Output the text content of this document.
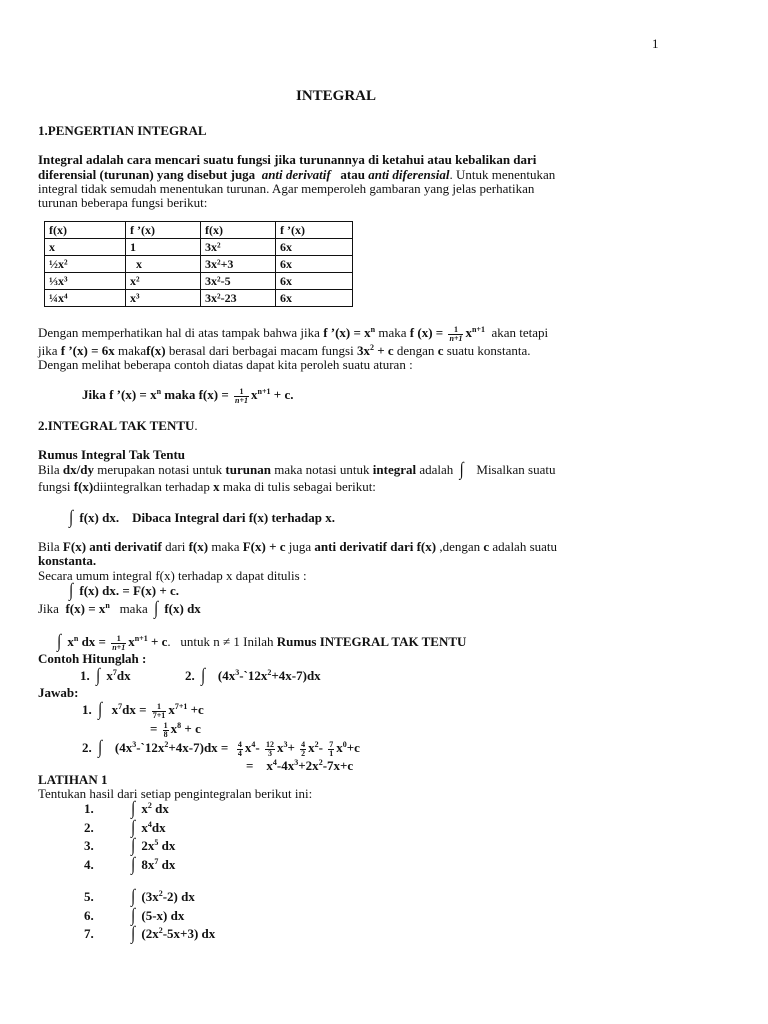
1
INTEGRAL
1.PENGERTIAN INTEGRAL
Integral adalah cara mencari suatu fungsi jika turunannya di ketahui atau kebalikan dari
diferensial (turunan) yang disebut juga anti derivatif atau anti diferensial. Untuk menentukan
integral tidak semudah menentukan turunan. Agar memperoleh gambaran yang jelas perhatikan
turunan beberapa fungsi berikut:
f(x)	f ’(x)	f(x)	f ’(x)
x	1	3x²	6x
½x²	x	3x²+3	6x
⅓x³	x²	3x²-5	6x
¼x⁴	x³	3x²-23	6x
Dengan memperhatikan hal di atas tampak bahwa jika f ’(x) = $x^n$ maka f $(x) = \frac{1}{n+1} x^{n+1}$ akan tetapi
jika f ’(x) = 6x makaf(x) berasal dari berbagai macam fungsi $3x^2 + c$ dengan c suatu konstanta.
Dengan melihat beberapa contoh diatas dapat kita peroleh suatu aturan :
Jika f ’(x) = $x^n$ maka $f(x) = \frac{1}{n+1} x^{n+1} + c$.
2.INTEGRAL TAK TENTU.
Rumus Integral Tak Tentu
Bila dx/dy merupakan notasi untuk turunan maka notasi untuk integral adalah ∫ Misalkan suatu
fungsi f(x)diintegralkan terhadap x maka di tulis sebagai berikut:
∫ f(x) dx. Dibaca Integral dari f(x) terhadap x.
Bila F(x) anti derivatif dari f(x) maka F(x) + c juga anti derivatif dari f(x) ,dengan c adalah suatu
konstanta.
Secara umum integral f(x) terhadap x dapat ditulis :
∫ f(x) dx. = F(x) + c.
Jika $f(x) = x^n$ maka ∫ f(x) dx
∫ $x^n$ dx = $\frac{1}{n+1} x^{n+1} + c$. untuk n ≠ 1 Inilah Rumus INTEGRAL TAK TENTU
Contoh Hitunglah :
1. ∫ $x^7dx$	2. ∫ $(4x^3-`12x^2+4x-7)dx$
Jawab:
1. ∫ $x^7dx = \frac{1}{7+1} x^{7+1} +c$
= $\frac{1}{8} x^8 + c$
2. ∫ $(4x^3-`12x^2+4x-7)dx = \frac{4}{4} x^4- \frac{12}{3} x^3+ \frac{4}{2} x^2- \frac{7}{1} x^0+c$
= $x^4-4x^3+2x^2-7x+c$
LATIHAN 1
Tentukan hasil dari setiap pengintegralan berikut ini:
1. ∫ $x^2$ dx
2. ∫ $x^4dx$
3. ∫ $2x^5$ dx
4. ∫ $8x^7$ dx
5. ∫ $(3x^2-2)$ dx
6. ∫ (5-x) dx
7. ∫ $(2x^2-5x+3)$ dx
